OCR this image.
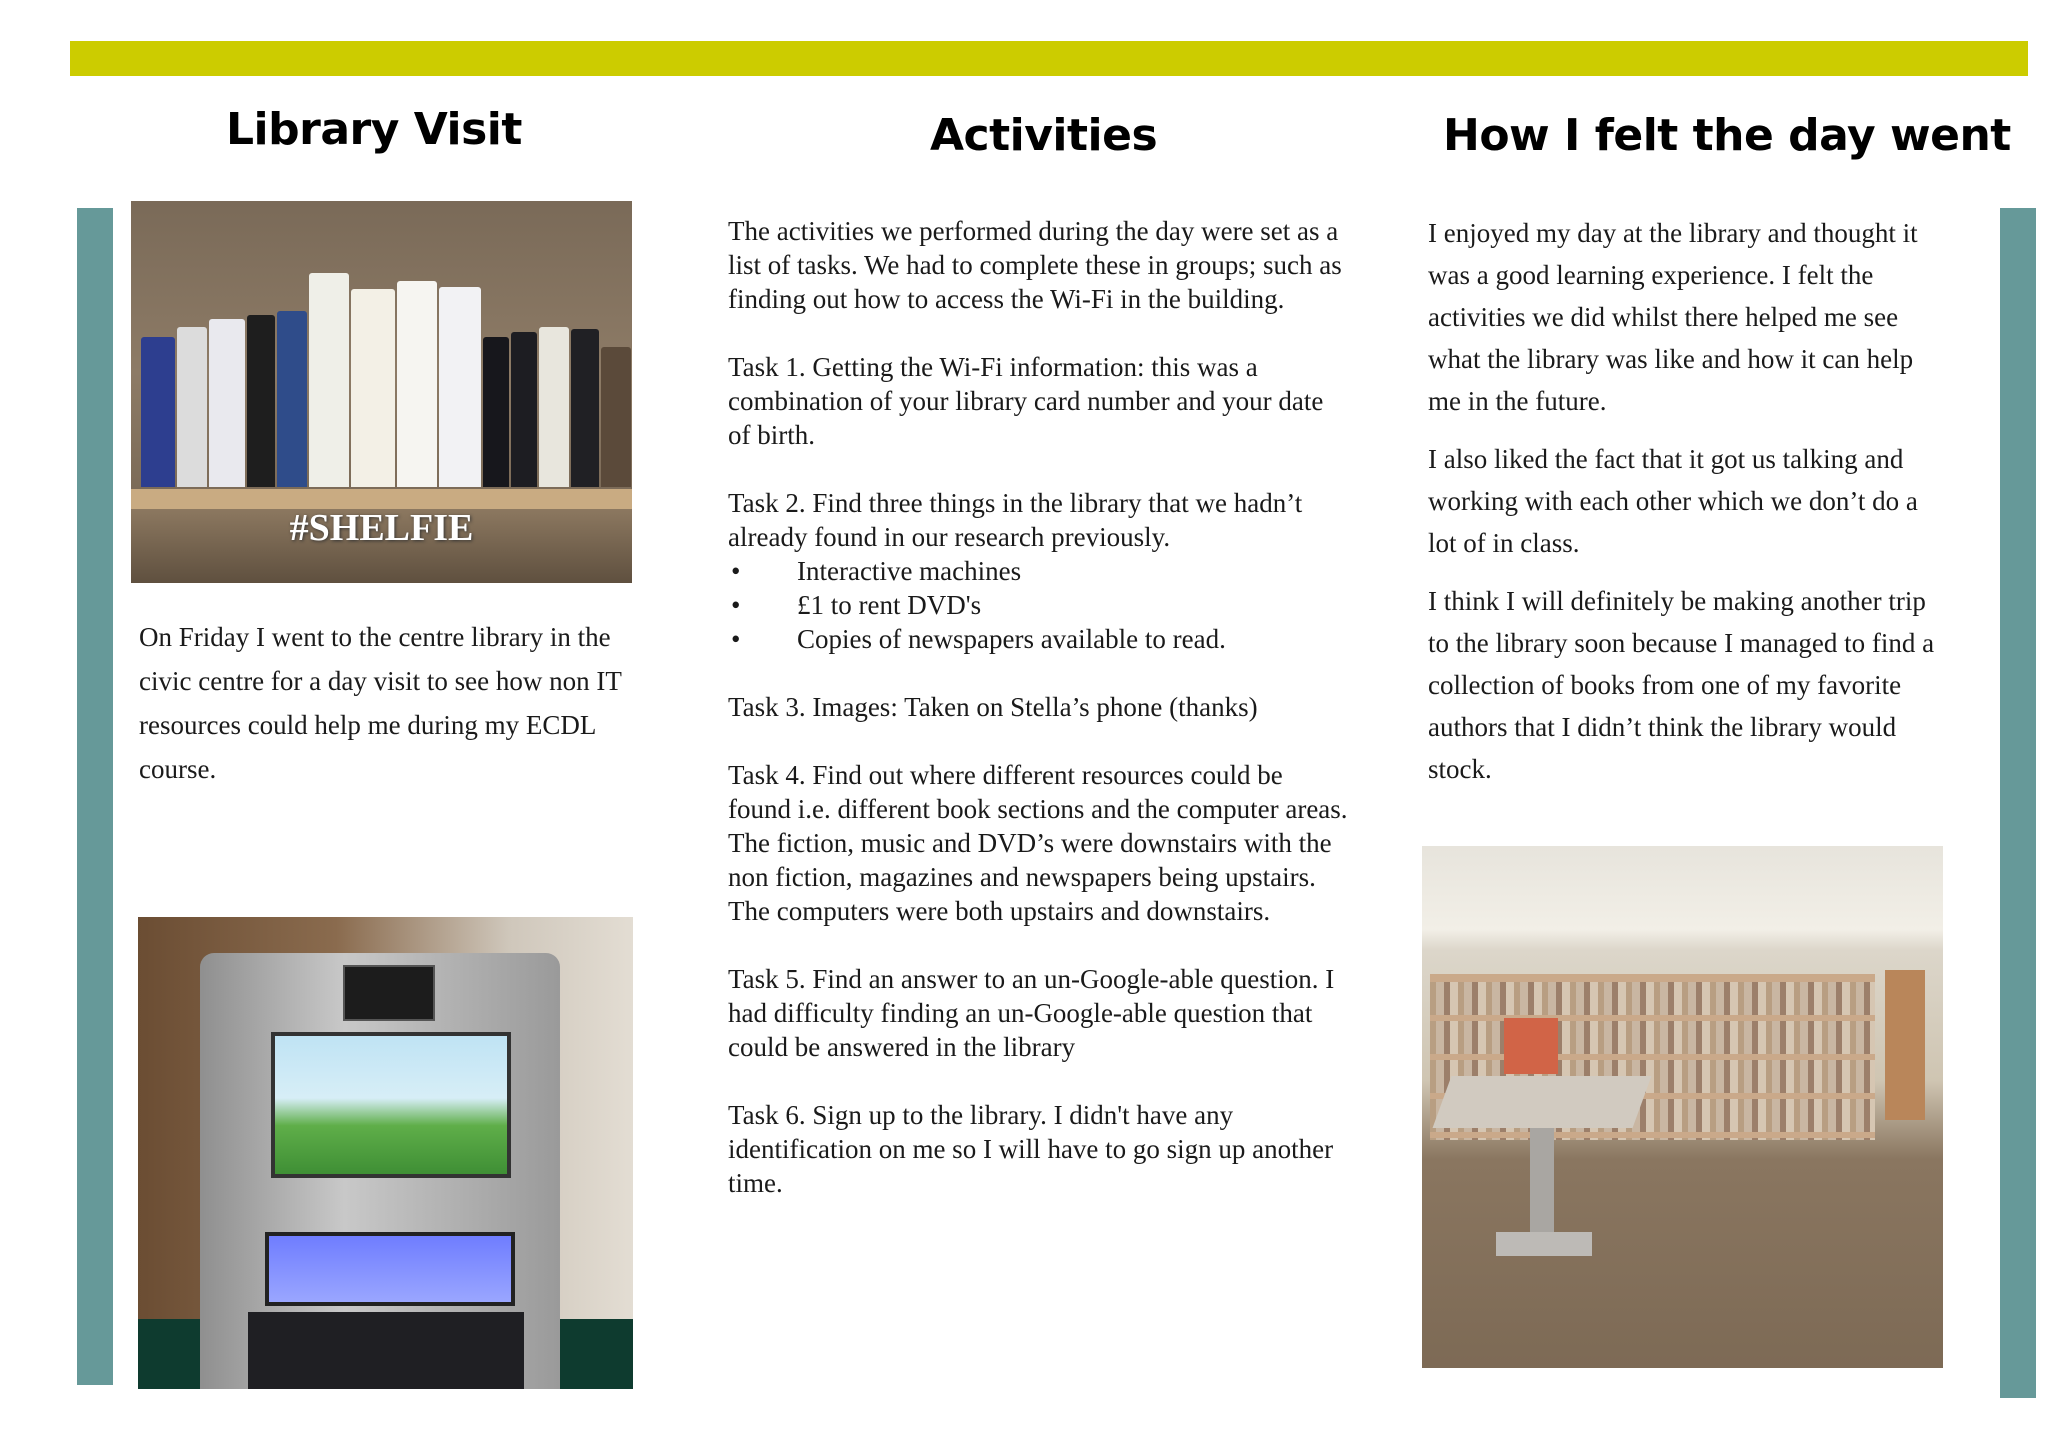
Library Visit
#SHELFIE

On Friday I went to the centre library in the civic centre for a day visit to see how non IT resources could help me during my ECDL course.

Activities

The activities we performed during the day were set as a list of tasks. We had to complete these in groups; such as finding out how to access the Wi-Fi in the building.

Task 1. Getting the Wi-Fi information: this was a combination of your library card number and your date of birth.

Task 2. Find three things in the library that we hadn’t already found in our research previously.

• Interactive machines
• £1 to rent DVD's
• Copies of newspapers available to read.

Task 3. Images: Taken on Stella’s phone (thanks)

Task 4. Find out where different resources could be found i.e. different book sections and the computer areas. The fiction, music and DVD’s were downstairs with the non fiction, magazines and newspapers being upstairs. The computers were both upstairs and downstairs.

Task 5. Find an answer to an un-Google-able question. I had difficulty finding an un-Google-able question that could be answered in the library

Task 6. Sign up to the library. I didn't have any identification on me so I will have to go sign up another time.

How I felt the day went

I enjoyed my day at the library and thought it was a good learning experience. I felt the activities we did whilst there helped me see what the library was like and how it can help me in the future.

I also liked the fact that it got us talking and working with each other which we don’t do a lot of in class.

I think I will definitely be making another trip to the library soon because I managed to find a collection of books from one of my favorite authors that I didn’t think the library would stock.
